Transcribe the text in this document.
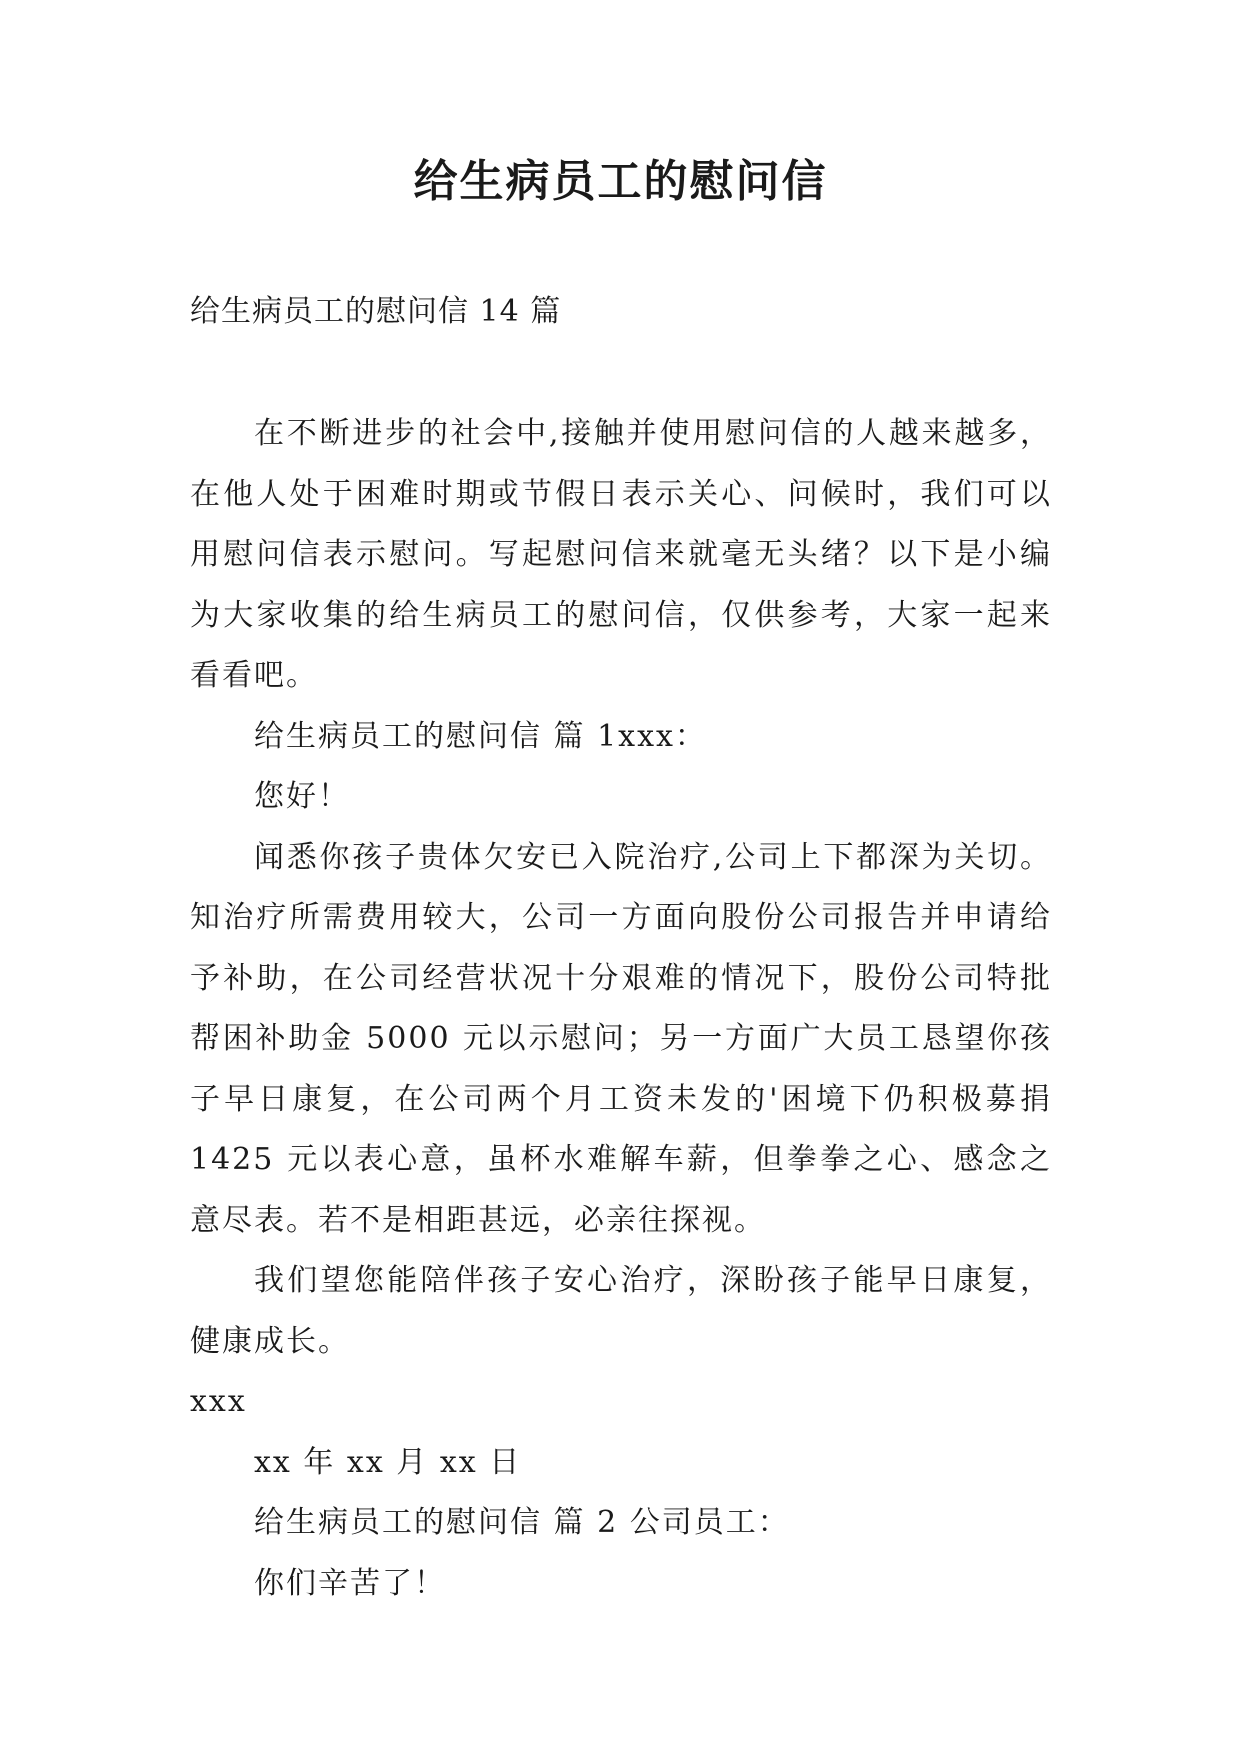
给生病员工的慰问信

给生病员工的慰问信 14 篇

在不断进步的社会中,接触并使用慰问信的人越来越多，在他人处于困难时期或节假日表示关心、问候时，我们可以用慰问信表示慰问。写起慰问信来就毫无头绪？以下是小编为大家收集的给生病员工的慰问信，仅供参考，大家一起来看看吧。

给生病员工的慰问信 篇 1xxx：

您好！

闻悉你孩子贵体欠安已入院治疗,公司上下都深为关切。知治疗所需费用较大，公司一方面向股份公司报告并申请给予补助，在公司经营状况十分艰难的情况下，股份公司特批帮困补助金 5000 元以示慰问；另一方面广大员工恳望你孩子早日康复，在公司两个月工资未发的'困境下仍积极募捐 1425 元以表心意，虽杯水难解车薪，但拳拳之心、感念之意尽表。若不是相距甚远，必亲往探视。

我们望您能陪伴孩子安心治疗，深盼孩子能早日康复，健康成长。

xxx

xx 年 xx 月 xx 日

给生病员工的慰问信 篇 2 公司员工：

你们辛苦了！
